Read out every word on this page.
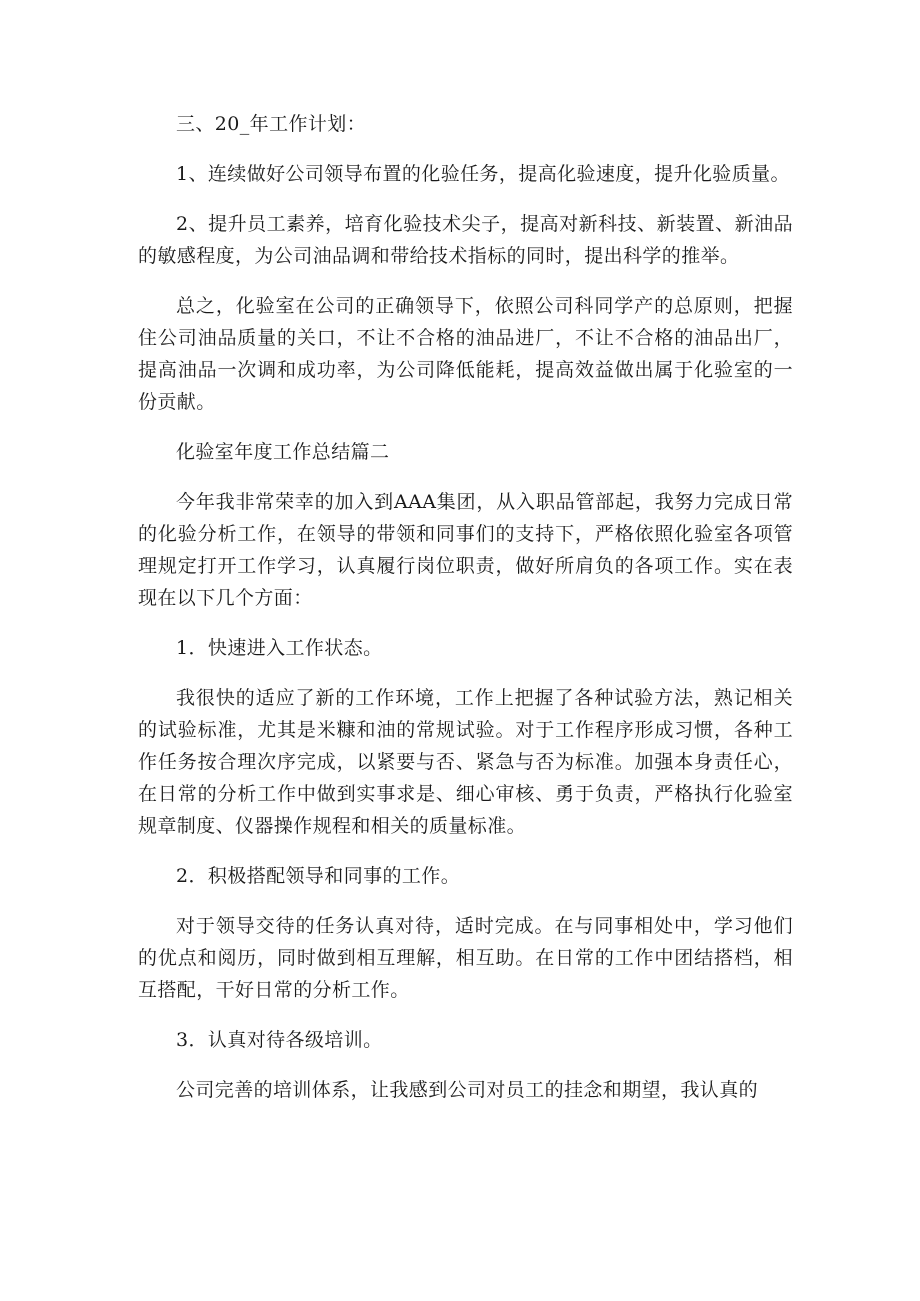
三、20_年工作计划：

1、连续做好公司领导布置的化验任务，提高化验速度，提升化验质量。

2、提升员工素养，培育化验技术尖子，提高对新科技、新装置、新油品的敏感程度，为公司油品调和带给技术指标的同时，提出科学的推举。

总之，化验室在公司的正确领导下，依照公司科同学产的总原则，把握住公司油品质量的关口，不让不合格的油品进厂，不让不合格的油品出厂，提高油品一次调和成功率，为公司降低能耗，提高效益做出属于化验室的一份贡献。

化验室年度工作总结篇二

今年我非常荣幸的加入到AAA集团，从入职品管部起，我努力完成日常的化验分析工作，在领导的带领和同事们的支持下，严格依照化验室各项管理规定打开工作学习，认真履行岗位职责，做好所肩负的各项工作。实在表现在以下几个方面：

1．快速进入工作状态。

我很快的适应了新的工作环境，工作上把握了各种试验方法，熟记相关的试验标准，尤其是米糠和油的常规试验。对于工作程序形成习惯，各种工作任务按合理次序完成，以紧要与否、紧急与否为标准。加强本身责任心，在日常的分析工作中做到实事求是、细心审核、勇于负责，严格执行化验室规章制度、仪器操作规程和相关的质量标准。

2．积极搭配领导和同事的工作。

对于领导交待的任务认真对待，适时完成。在与同事相处中，学习他们的优点和阅历，同时做到相互理解，相互助。在日常的工作中团结搭档，相互搭配，干好日常的分析工作。

3．认真对待各级培训。

公司完善的培训体系，让我感到公司对员工的挂念和期望，我认真的
